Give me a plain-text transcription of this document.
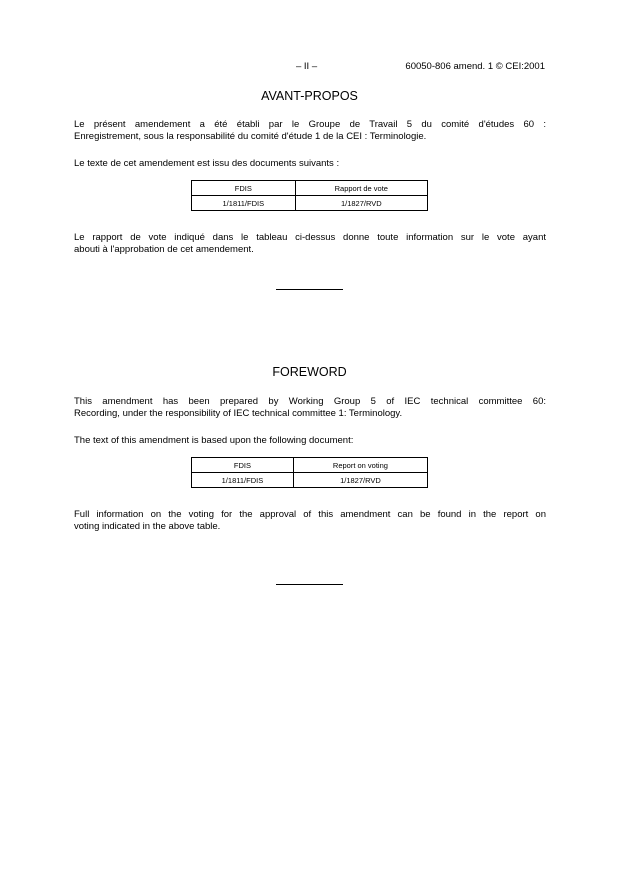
– II –	60050-806 amend. 1 © CEI:2001
AVANT-PROPOS
Le présent amendement a été établi par le Groupe de Travail 5 du comité d'études 60 :
Enregistrement, sous la responsabilité du comité d'étude 1 de la CEI : Terminologie.
Le texte de cet amendement est issu des documents suivants :
FDIS	Rapport de vote
1/1811/FDIS	1/1827/RVD
Le rapport de vote indiqué dans le tableau ci-dessus donne toute information sur le vote ayant
abouti à l'approbation de cet amendement.
FOREWORD
This amendment has been prepared by Working Group 5 of IEC technical committee 60:
Recording, under the responsibility of IEC technical committee 1: Terminology.
The text of this amendment is based upon the following document:
FDIS	Report on voting
1/1811/FDIS	1/1827/RVD
Full information on the voting for the approval of this amendment can be found in the report on
voting indicated in the above table.
